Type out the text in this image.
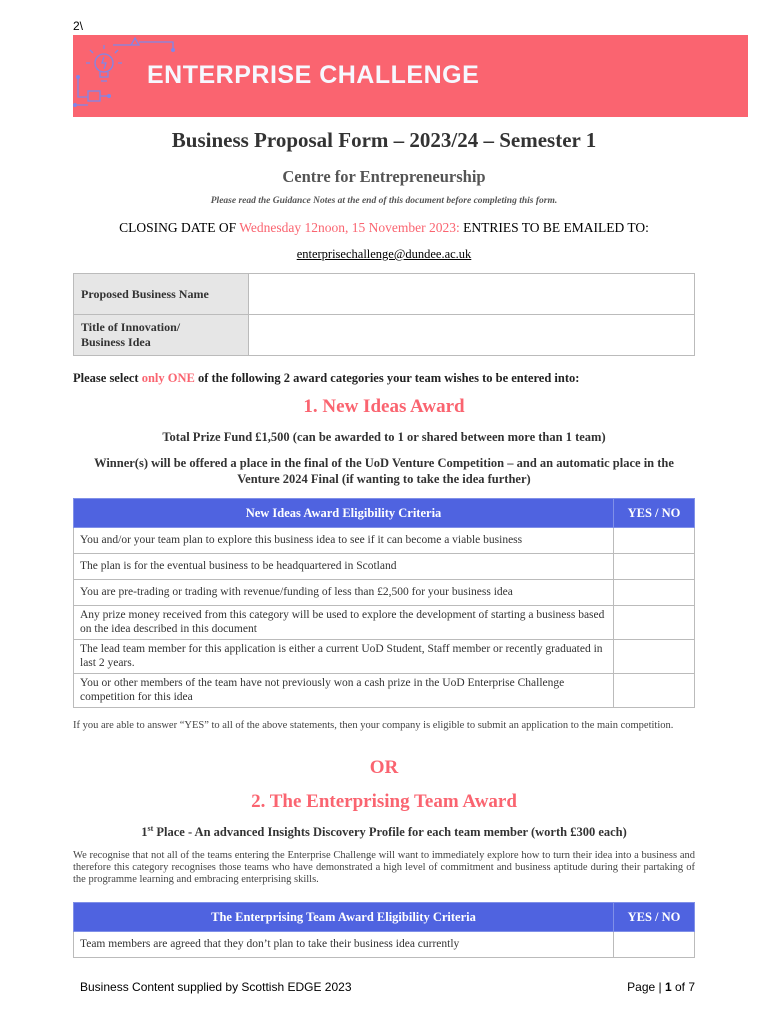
2\
ENTERPRISE CHALLENGE
Business Proposal Form – 2023/24 – Semester 1
Centre for Entrepreneurship
Please read the Guidance Notes at the end of this document before completing this form.
CLOSING DATE OF Wednesday 12noon, 15 November 2023: ENTRIES TO BE EMAILED TO:
enterprisechallenge@dundee.ac.uk
Proposed Business Name	
Title of Innovation/
Business Idea	
Please select only ONE of the following 2 award categories your team wishes to be entered into:
1. New Ideas Award
Total Prize Fund £1,500 (can be awarded to 1 or shared between more than 1 team)
Winner(s) will be offered a place in the final of the UoD Venture Competition – and an automatic place in the Venture 2024 Final (if wanting to take the idea further)
New Ideas Award Eligibility Criteria	YES / NO
You and/or your team plan to explore this business idea to see if it can become a viable business	
The plan is for the eventual business to be headquartered in Scotland	
You are pre-trading or trading with revenue/funding of less than £2,500 for your business idea	
Any prize money received from this category will be used to explore the development of starting a business based on the idea described in this document	
The lead team member for this application is either a current UoD Student, Staff member or recently graduated in last 2 years.	
You or other members of the team have not previously won a cash prize in the UoD Enterprise Challenge competition for this idea	
If you are able to answer “YES” to all of the above statements, then your company is eligible to submit an application to the main competition.
OR
2. The Enterprising Team Award
1st Place - An advanced Insights Discovery Profile for each team member (worth £300 each)
We recognise that not all of the teams entering the Enterprise Challenge will want to immediately explore how to turn their idea into a business and therefore this category recognises those teams who have demonstrated a high level of commitment and business aptitude during their partaking of the programme learning and embracing enterprising skills.
The Enterprising Team Award Eligibility Criteria	YES / NO
Team members are agreed that they don’t plan to take their business idea currently	
Business Content supplied by Scottish EDGE 2023	Page | 1 of 7
